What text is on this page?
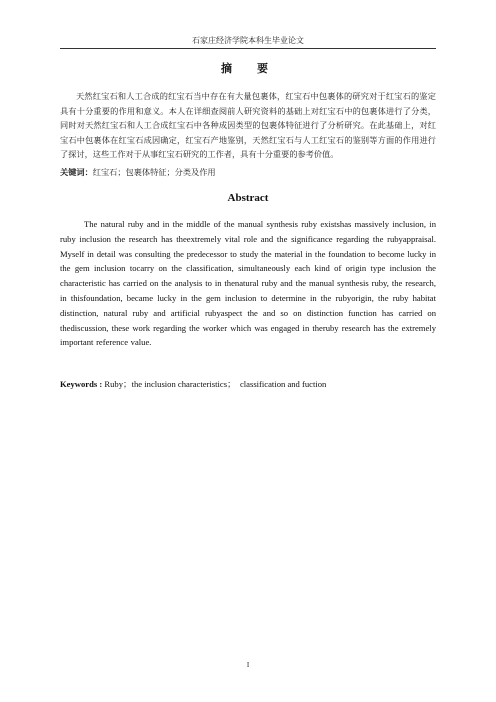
石家庄经济学院本科生毕业论文
摘　要
天然红宝石和人工合成的红宝石当中存在有大量包裹体，红宝石中包裹体的研究对于红宝石的鉴定具有十分重要的作用和意义。本人在详细查阅前人研究资料的基础上对红宝石中的包裹体进行了分类，同时对天然红宝石和人工合成红宝石中各种成因类型的包裹体特征进行了分析研究。在此基础上，对红宝石中包裹体在红宝石成因确定，红宝石产地鉴别，天然红宝石与人工红宝石的鉴别等方面的作用进行了探讨，这些工作对于从事红宝石研究的工作者，具有十分重要的参考价值。
关键词：红宝石；包裹体特征；分类及作用
Abstract
The natural ruby and in the middle of the manual synthesis ruby existshas massively inclusion, in ruby inclusion the research has theextremely vital role and the significance regarding the rubyappraisal. Myself in detail was consulting the predecessor to study the material in the foundation to become lucky in the gem inclusion tocarry on the classification, simultaneously each kind of origin type inclusion the characteristic has carried on the analysis to in thenatural ruby and the manual synthesis ruby, the research, in thisfoundation, became lucky in the gem inclusion to determine in the rubyorigin, the ruby habitat distinction, natural ruby and artificial rubyaspect the and so on distinction function has carried on thediscussion, these work regarding the worker which was engaged in theruby research has the extremely important reference value.
Keywords : Ruby；the inclusion characteristics；　classification and fuction
I
